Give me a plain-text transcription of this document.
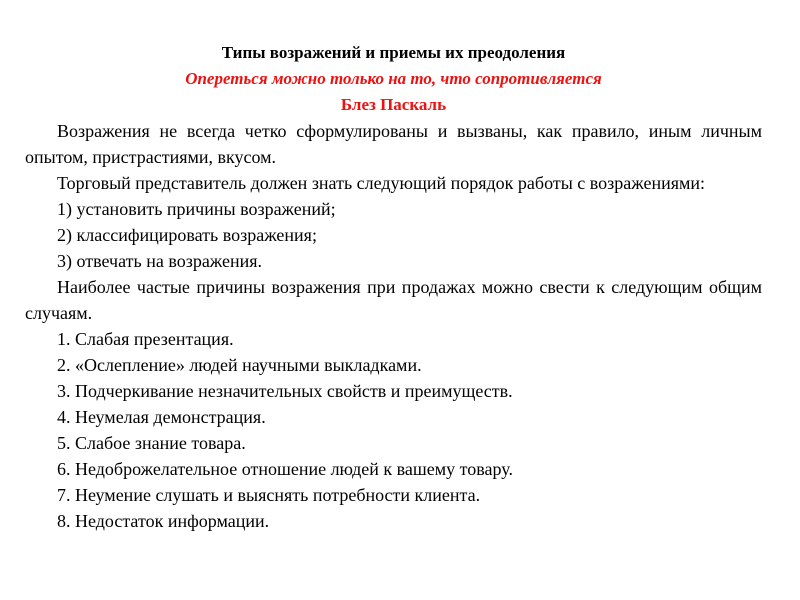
Типы возражений и приемы их преодоления

Опереться можно только на то, что сопротивляется

Блез Паскаль

Возражения не всегда четко сформулированы и вызваны, как правило, иным личным опытом, пристрастиями, вкусом.

Торговый представитель должен знать следующий порядок работы с возражениями:

1) установить причины возражений;

2) классифицировать возражения;

3) отвечать на возражения.

Наиболее частые причины возражения при продажах можно свести к следующим общим случаям.

1. Слабая презентация.

2. «Ослепление» людей научными выкладками.

3. Подчеркивание незначительных свойств и преимуществ.

4. Неумелая демонстрация.

5. Слабое знание товара.

6. Недоброжелательное отношение людей к вашему товару.

7. Неумение слушать и выяснять потребности клиента.

8. Недостаток информации.
